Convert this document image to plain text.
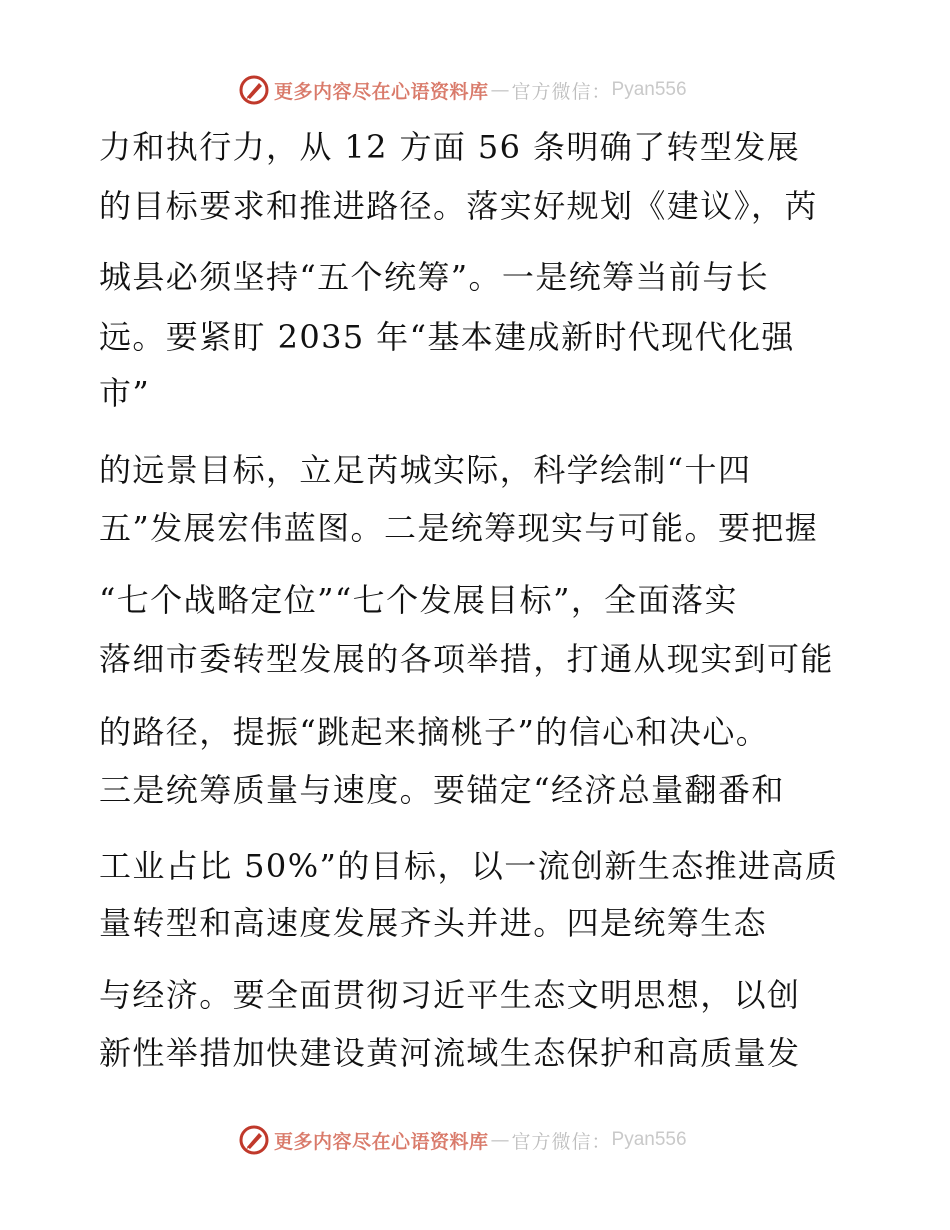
更多内容尽在心语资料库 — 官方微信： Pyan556
力和执行力，从 12 方面 56 条明确了转型发展
的目标要求和推进路径。落实好规划《建议》，芮
城县必须坚持“五个统筹”。一是统筹当前与长
远。要紧盯 2035 年“基本建成新时代现代化强
市”
的远景目标，立足芮城实际，科学绘制“十四
五”发展宏伟蓝图。二是统筹现实与可能。要把握
“七个战略定位”“七个发展目标”，全面落实
落细市委转型发展的各项举措，打通从现实到可能
的路径，提振“跳起来摘桃子”的信心和决心。
三是统筹质量与速度。要锚定“经济总量翻番和
工业占比 50%”的目标，以一流创新生态推进高质
量转型和高速度发展齐头并进。四是统筹生态
与经济。要全面贯彻习近平生态文明思想，以创
新性举措加快建设黄河流域生态保护和高质量发
更多内容尽在心语资料库 — 官方微信： Pyan556
